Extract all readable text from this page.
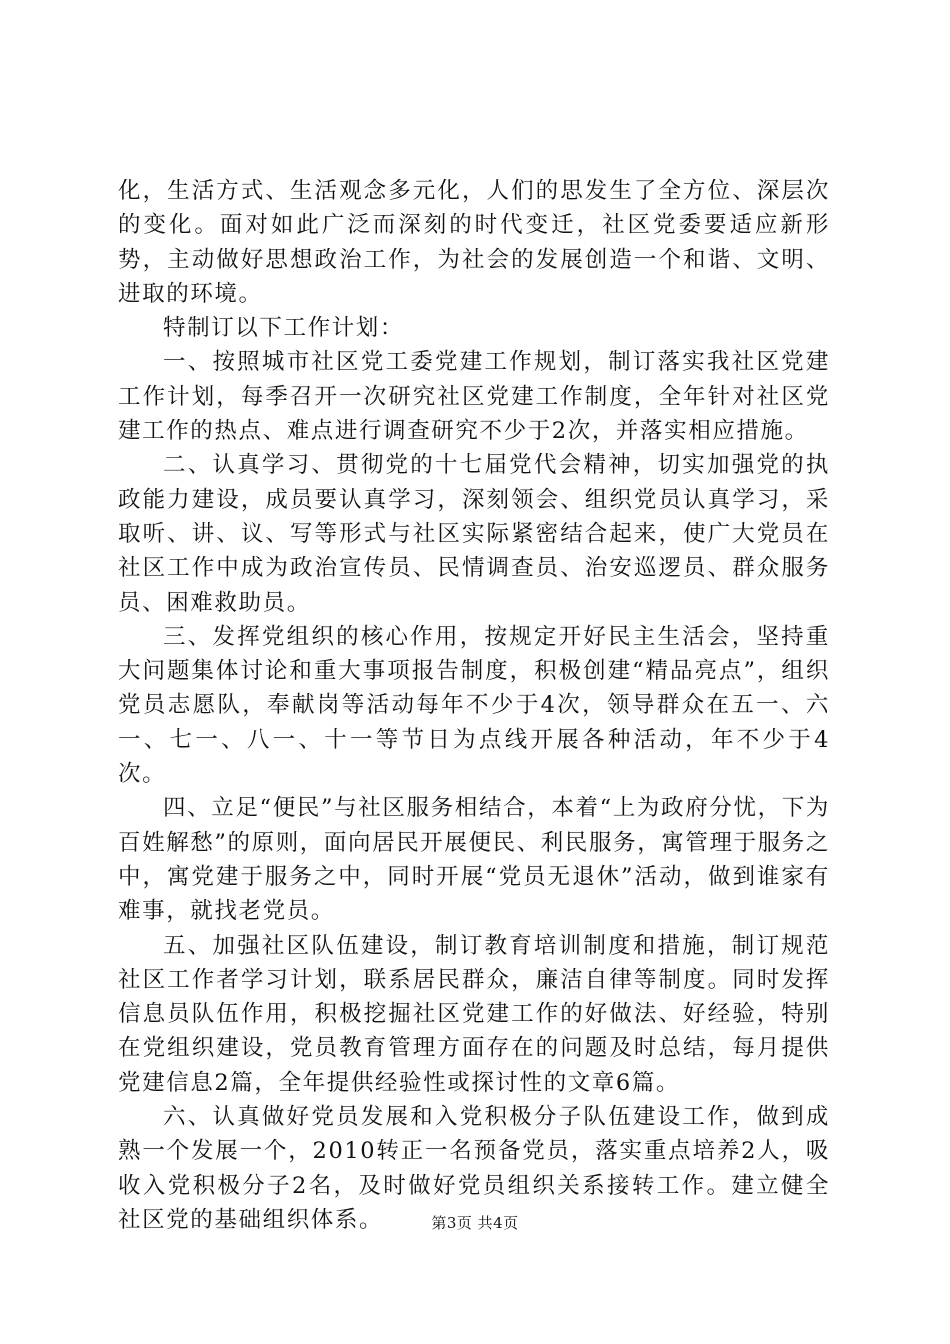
化，生活方式、生活观念多元化，人们的思发生了全方位、深层次的变化。面对如此广泛而深刻的时代变迁，社区党委要适应新形势，主动做好思想政治工作，为社会的发展创造一个和谐、文明、进取的环境。

特制订以下工作计划：

一、按照城市社区党工委党建工作规划，制订落实我社区党建工作计划，每季召开一次研究社区党建工作制度，全年针对社区党建工作的热点、难点进行调查研究不少于2次，并落实相应措施。

二、认真学习、贯彻党的十七届党代会精神，切实加强党的执政能力建设，成员要认真学习，深刻领会、组织党员认真学习，采取听、讲、议、写等形式与社区实际紧密结合起来，使广大党员在社区工作中成为政治宣传员、民情调查员、治安巡逻员、群众服务员、困难救助员。

三、发挥党组织的核心作用，按规定开好民主生活会，坚持重大问题集体讨论和重大事项报告制度，积极创建“精品亮点”，组织党员志愿队，奉献岗等活动每年不少于4次，领导群众在五一、六一、七一、八一、十一等节日为点线开展各种活动，年不少于4次。

四、立足“便民”与社区服务相结合，本着“上为政府分忧，下为百姓解愁”的原则，面向居民开展便民、利民服务，寓管理于服务之中，寓党建于服务之中，同时开展“党员无退休”活动，做到谁家有难事，就找老党员。

五、加强社区队伍建设，制订教育培训制度和措施，制订规范社区工作者学习计划，联系居民群众，廉洁自律等制度。同时发挥信息员队伍作用，积极挖掘社区党建工作的好做法、好经验，特别在党组织建设，党员教育管理方面存在的问题及时总结，每月提供党建信息2篇，全年提供经验性或探讨性的文章6篇。

六、认真做好党员发展和入党积极分子队伍建设工作，做到成熟一个发展一个，2010转正一名预备党员，落实重点培养2人，吸收入党积极分子2名，及时做好党员组织关系接转工作。建立健全社区党的基础组织体系。	第3页 共4页
